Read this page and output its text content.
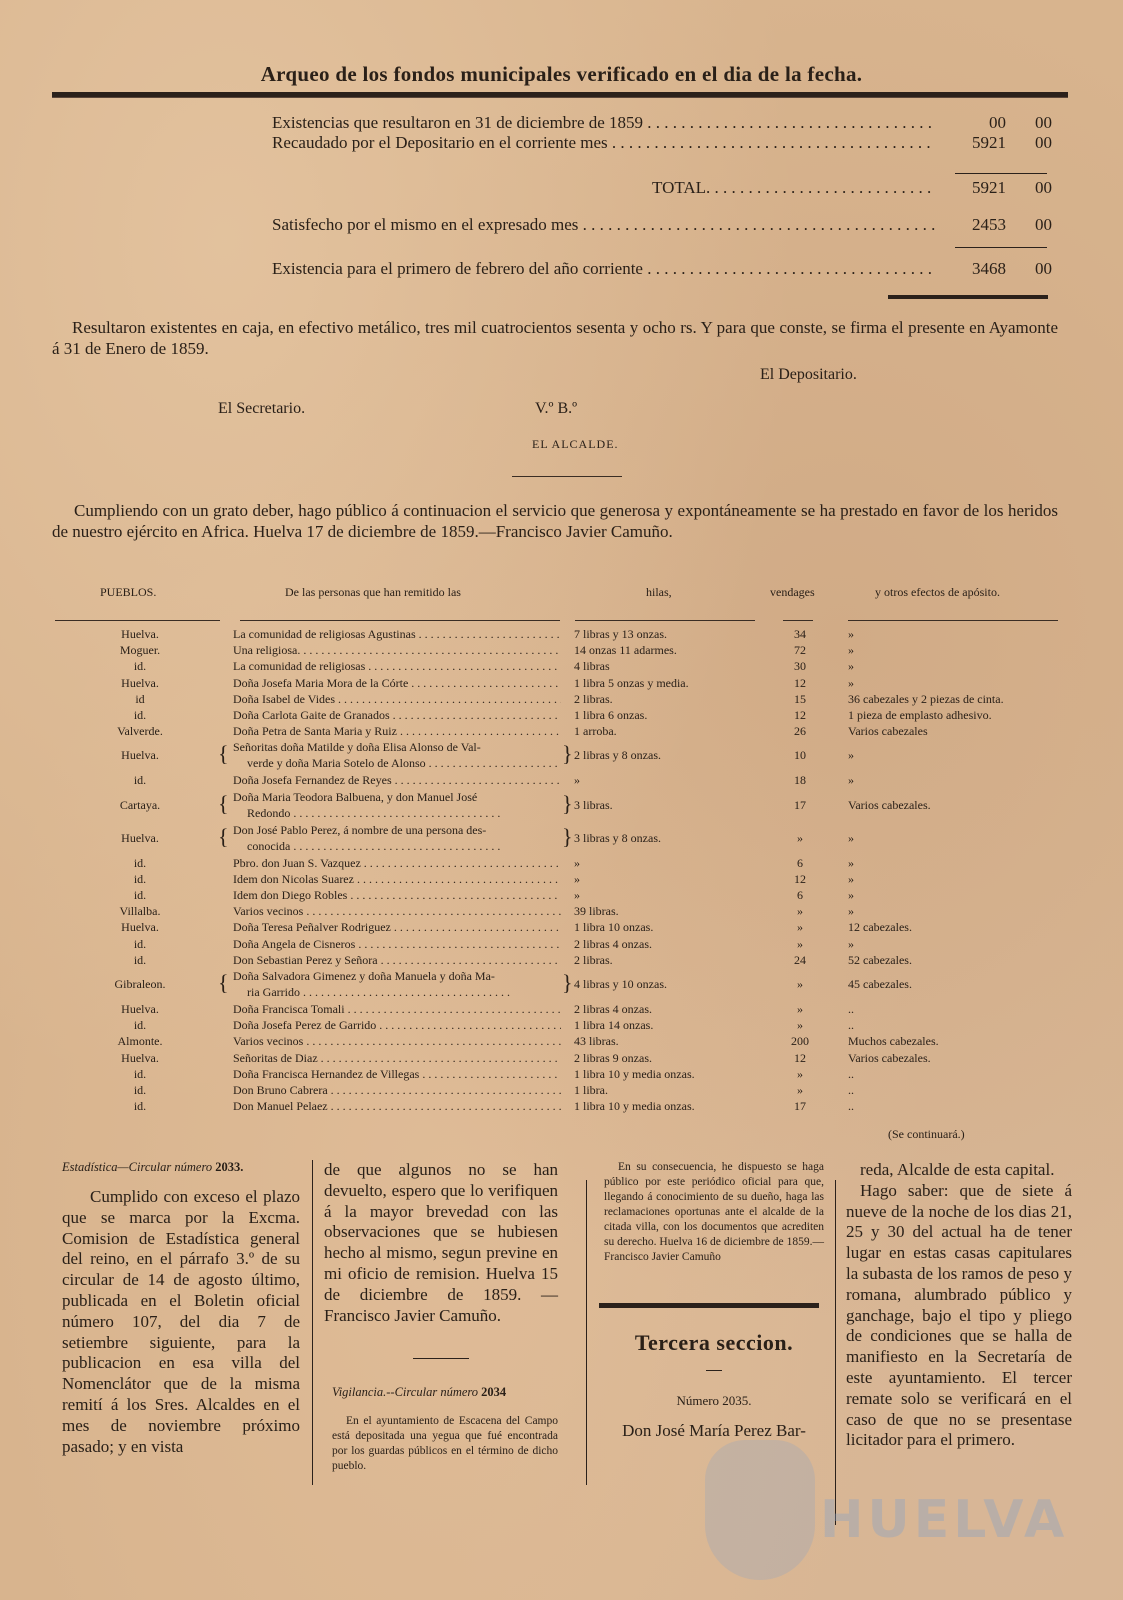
Arqueo de los fondos municipales verificado en el dia de la fecha.
Existencias que resultaron en 31 de diciembre de 1859 . . .	00	00
Recaudado por el Depositario en el corriente mes . . .	5921	00
TOTAL. . . .	5921	00
Satisfecho por el mismo en el expresado mes . . .	2453	00
Existencia para el primero de febrero del año corriente . . .	3468	00
Resultaron existentes en caja, en efectivo metálico, tres mil cuatrocientos sesenta y ocho rs. Y para que conste, se firma el presente en Ayamonte á 31 de Enero de 1859.
El Depositario.
El Secretario.	V.º B.º
EL ALCALDE.
Cumpliendo con un grato deber, hago público á continuacion el servicio que generosa y expontáneamente se ha prestado en favor de los heridos de nuestro ejército en Africa. Huelva 17 de diciembre de 1859.—Francisco Javier Camuño.
PUEBLOS.	De las personas que han remitido las	hilas,	vendages	y otros efectos de apósito.
Huelva.	La comunidad de religiosas Agustinas . . .	7 libras y 13 onzas.	34	»
Moguer.	Una religiosa. . . .	14 onzas 11 adarmes.	72	»
id.	La comunidad de religiosas . . .	4 libras	30	»
Huelva.	Doña Josefa Maria Mora de la Córte . . .	1 libra 5 onzas y media.	12	»
id	Doña Isabel de Vides . . .	2 libras.	15	36 cabezales y 2 piezas de cinta.
id.	Doña Carlota Gaite de Granados . . .	1 libra 6 onzas.	12	1 pieza de emplasto adhesivo.
Valverde.	Doña Petra de Santa Maria y Ruiz . . .	1 arroba.	26	Varios cabezales
Huelva.	{ Señoritas doña Matilde y doña Elisa Alonso de Val-
verde y doña Maria Sotelo de Alonso . . .	} 2 libras y 8 onzas.	10	»
id.	Doña Josefa Fernandez de Reyes . . .	»	18	»
Cartaya.	{ Doña Maria Teodora Balbuena, y don Manuel José
Redondo . . .	} 3 libras.	17	Varios cabezales.
Huelva.	{ Don José Pablo Perez, á nombre de una persona des-
conocida . . .	} 3 libras y 8 onzas.	»	»
id.	Pbro. don Juan S. Vazquez . . .	»	6	»
id.	Idem don Nicolas Suarez . . .	»	12	»
id.	Idem don Diego Robles . . .	»	6	»
Villalba.	Varios vecinos . . .	39 libras.	»	»
Huelva.	Doña Teresa Peñalver Rodriguez . . .	1 libra 10 onzas.	»	12 cabezales.
id.	Doña Angela de Cisneros . . .	2 libras 4 onzas.	»	»
id.	Don Sebastian Perez y Señora . . .	2 libras.	24	52 cabezales.
Gibraleon.	{ Doña Salvadora Gimenez y doña Manuela y doña Ma-
ria Garrido . . .	} 4 libras y 10 onzas.	»	45 cabezales.
Huelva.	Doña Francisca Tomali . . .	2 libras 4 onzas.	»	..
id.	Doña Josefa Perez de Garrido . . .	1 libra 14 onzas.	»	..
Almonte.	Varios vecinos . . .	43 libras.	200	Muchos cabezales.
Huelva.	Señoritas de Diaz . . .	2 libras 9 onzas.	12	Varios cabezales.
id.	Doña Francisca Hernandez de Villegas . . .	1 libra 10 y media onzas.	»	..
id.	Don Bruno Cabrera . . .	1 libra.	»	..
id.	Don Manuel Pelaez . . .	1 libra 10 y media onzas.	17	..
(Se continuará.)
Estadística—Circular número 2033.
Cumplido con exceso el plazo que se marca por la Excma. Comision de Estadística general del reino, en el párrafo 3.º de su circular de 14 de agosto último, publicada en el Boletin oficial número 107, del dia 7 de setiembre siguiente, para la publicacion en esa villa del Nomenclátor que de la misma remití á los Sres. Alcaldes en el mes de noviembre próximo pasado; y en vista
de que algunos no se han devuelto, espero que lo verifiquen á la mayor brevedad con las observaciones que se hubiesen hecho al mismo, segun previne en mi oficio de remision. Huelva 15 de diciembre de 1859. —Francisco Javier Camuño.
Vigilancia.--Circular número 2034
En el ayuntamiento de Escacena del Campo está depositada una yegua que fué encontrada por los guardas públicos en el término de dicho pueblo.
En su consecuencia, he dispuesto se haga público por este periódico oficial para que, llegando á conocimiento de su dueño, haga las reclamaciones oportunas ante el alcalde de la citada villa, con los documentos que acrediten su derecho. Huelva 16 de diciembre de 1859.—Francisco Javier Camuño
Tercera seccion.
Número 2035.
Don José María Perez Bar-
reda, Alcalde de esta capital.
Hago saber: que de siete á nueve de la noche de los dias 21, 25 y 30 del actual ha de tener lugar en estas casas capitulares la subasta de los ramos de peso y romana, alumbrado público y ganchage, bajo el tipo y pliego de condiciones que se halla de manifiesto en la Secretaría de este ayuntamiento. El tercer remate solo se verificará en el caso de que no se presentase licitador para el primero.
HUELVA
